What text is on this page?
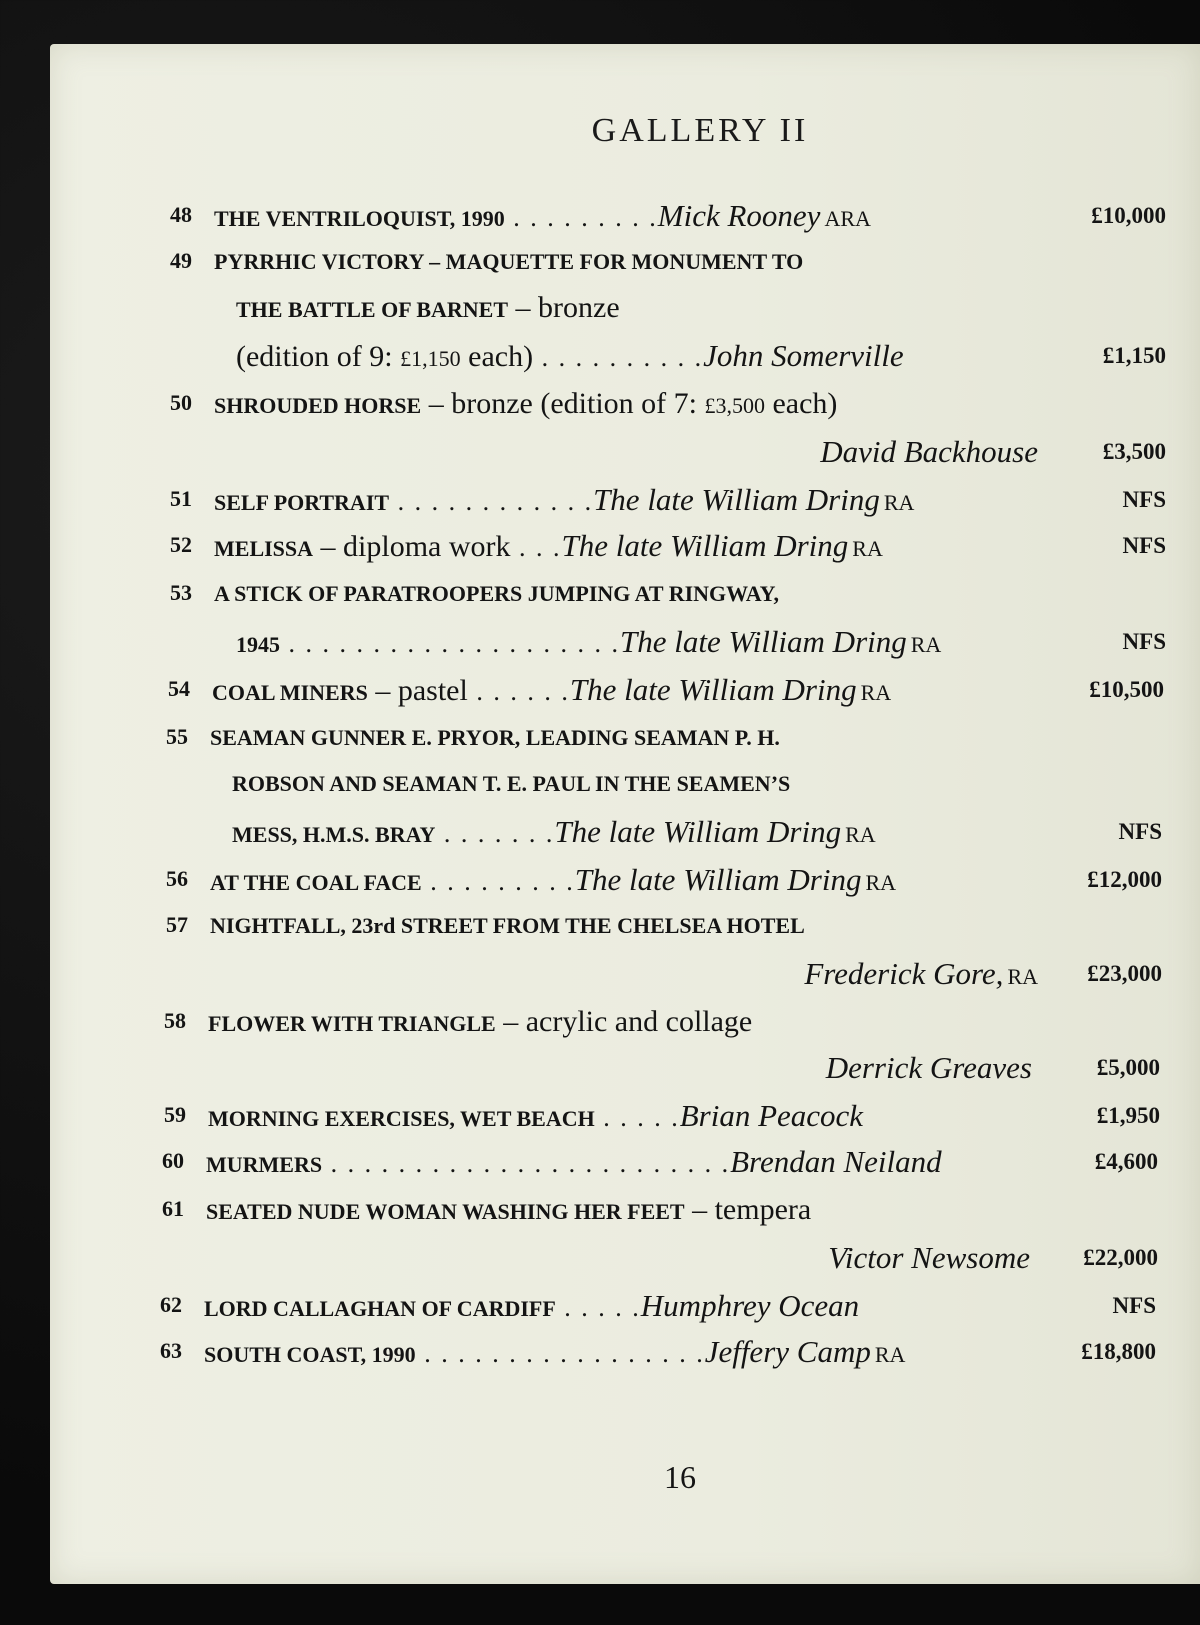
GALLERY II
48 THE VENTRILOQUIST, 1990 . . . . . . . . .Mick Rooney ARA	£10,000
49 PYRRHIC VICTORY – MAQUETTE FOR MONUMENT TO
THE BATTLE OF BARNET – bronze
(edition of 9: £1,150 each) . . . . . . . . . .John Somerville	£1,150
50 SHROUDED HORSE – bronze (edition of 7: £3,500 each)
David Backhouse	£3,500
51 SELF PORTRAIT . . . . . . . . . . . .The late William Dring RA	NFS
52 MELISSA – diploma work . . .The late William Dring RA	NFS
53 A STICK OF PARATROOPERS JUMPING AT RINGWAY,
1945 . . . . . . . . . . . . . . . . . . . .The late William Dring RA	NFS
54 COAL MINERS – pastel . . . . . .The late William Dring RA	£10,500
55 SEAMAN GUNNER E. PRYOR, LEADING SEAMAN P. H.
ROBSON AND SEAMAN T. E. PAUL IN THE SEAMEN’S
MESS, H.M.S. BRAY . . . . . . .The late William Dring RA	NFS
56 AT THE COAL FACE . . . . . . . . .The late William Dring RA	£12,000
57 NIGHTFALL, 23rd STREET FROM THE CHELSEA HOTEL
Frederick Gore, RA £23,000
58 FLOWER WITH TRIANGLE – acrylic and collage
Derrick Greaves	£5,000
59 MORNING EXERCISES, WET BEACH . . . . .Brian Peacock	£1,950
60 MURMERS . . . . . . . . . . . . . . . . . . . . . . . .Brendan Neiland	£4,600
61 SEATED NUDE WOMAN WASHING HER FEET – tempera
Victor Newsome £22,000
62 LORD CALLAGHAN OF CARDIFF . . . . .Humphrey Ocean	NFS
63 SOUTH COAST, 1990 . . . . . . . . . . . . . . . . .Jeffery Camp RA	£18,800
16
